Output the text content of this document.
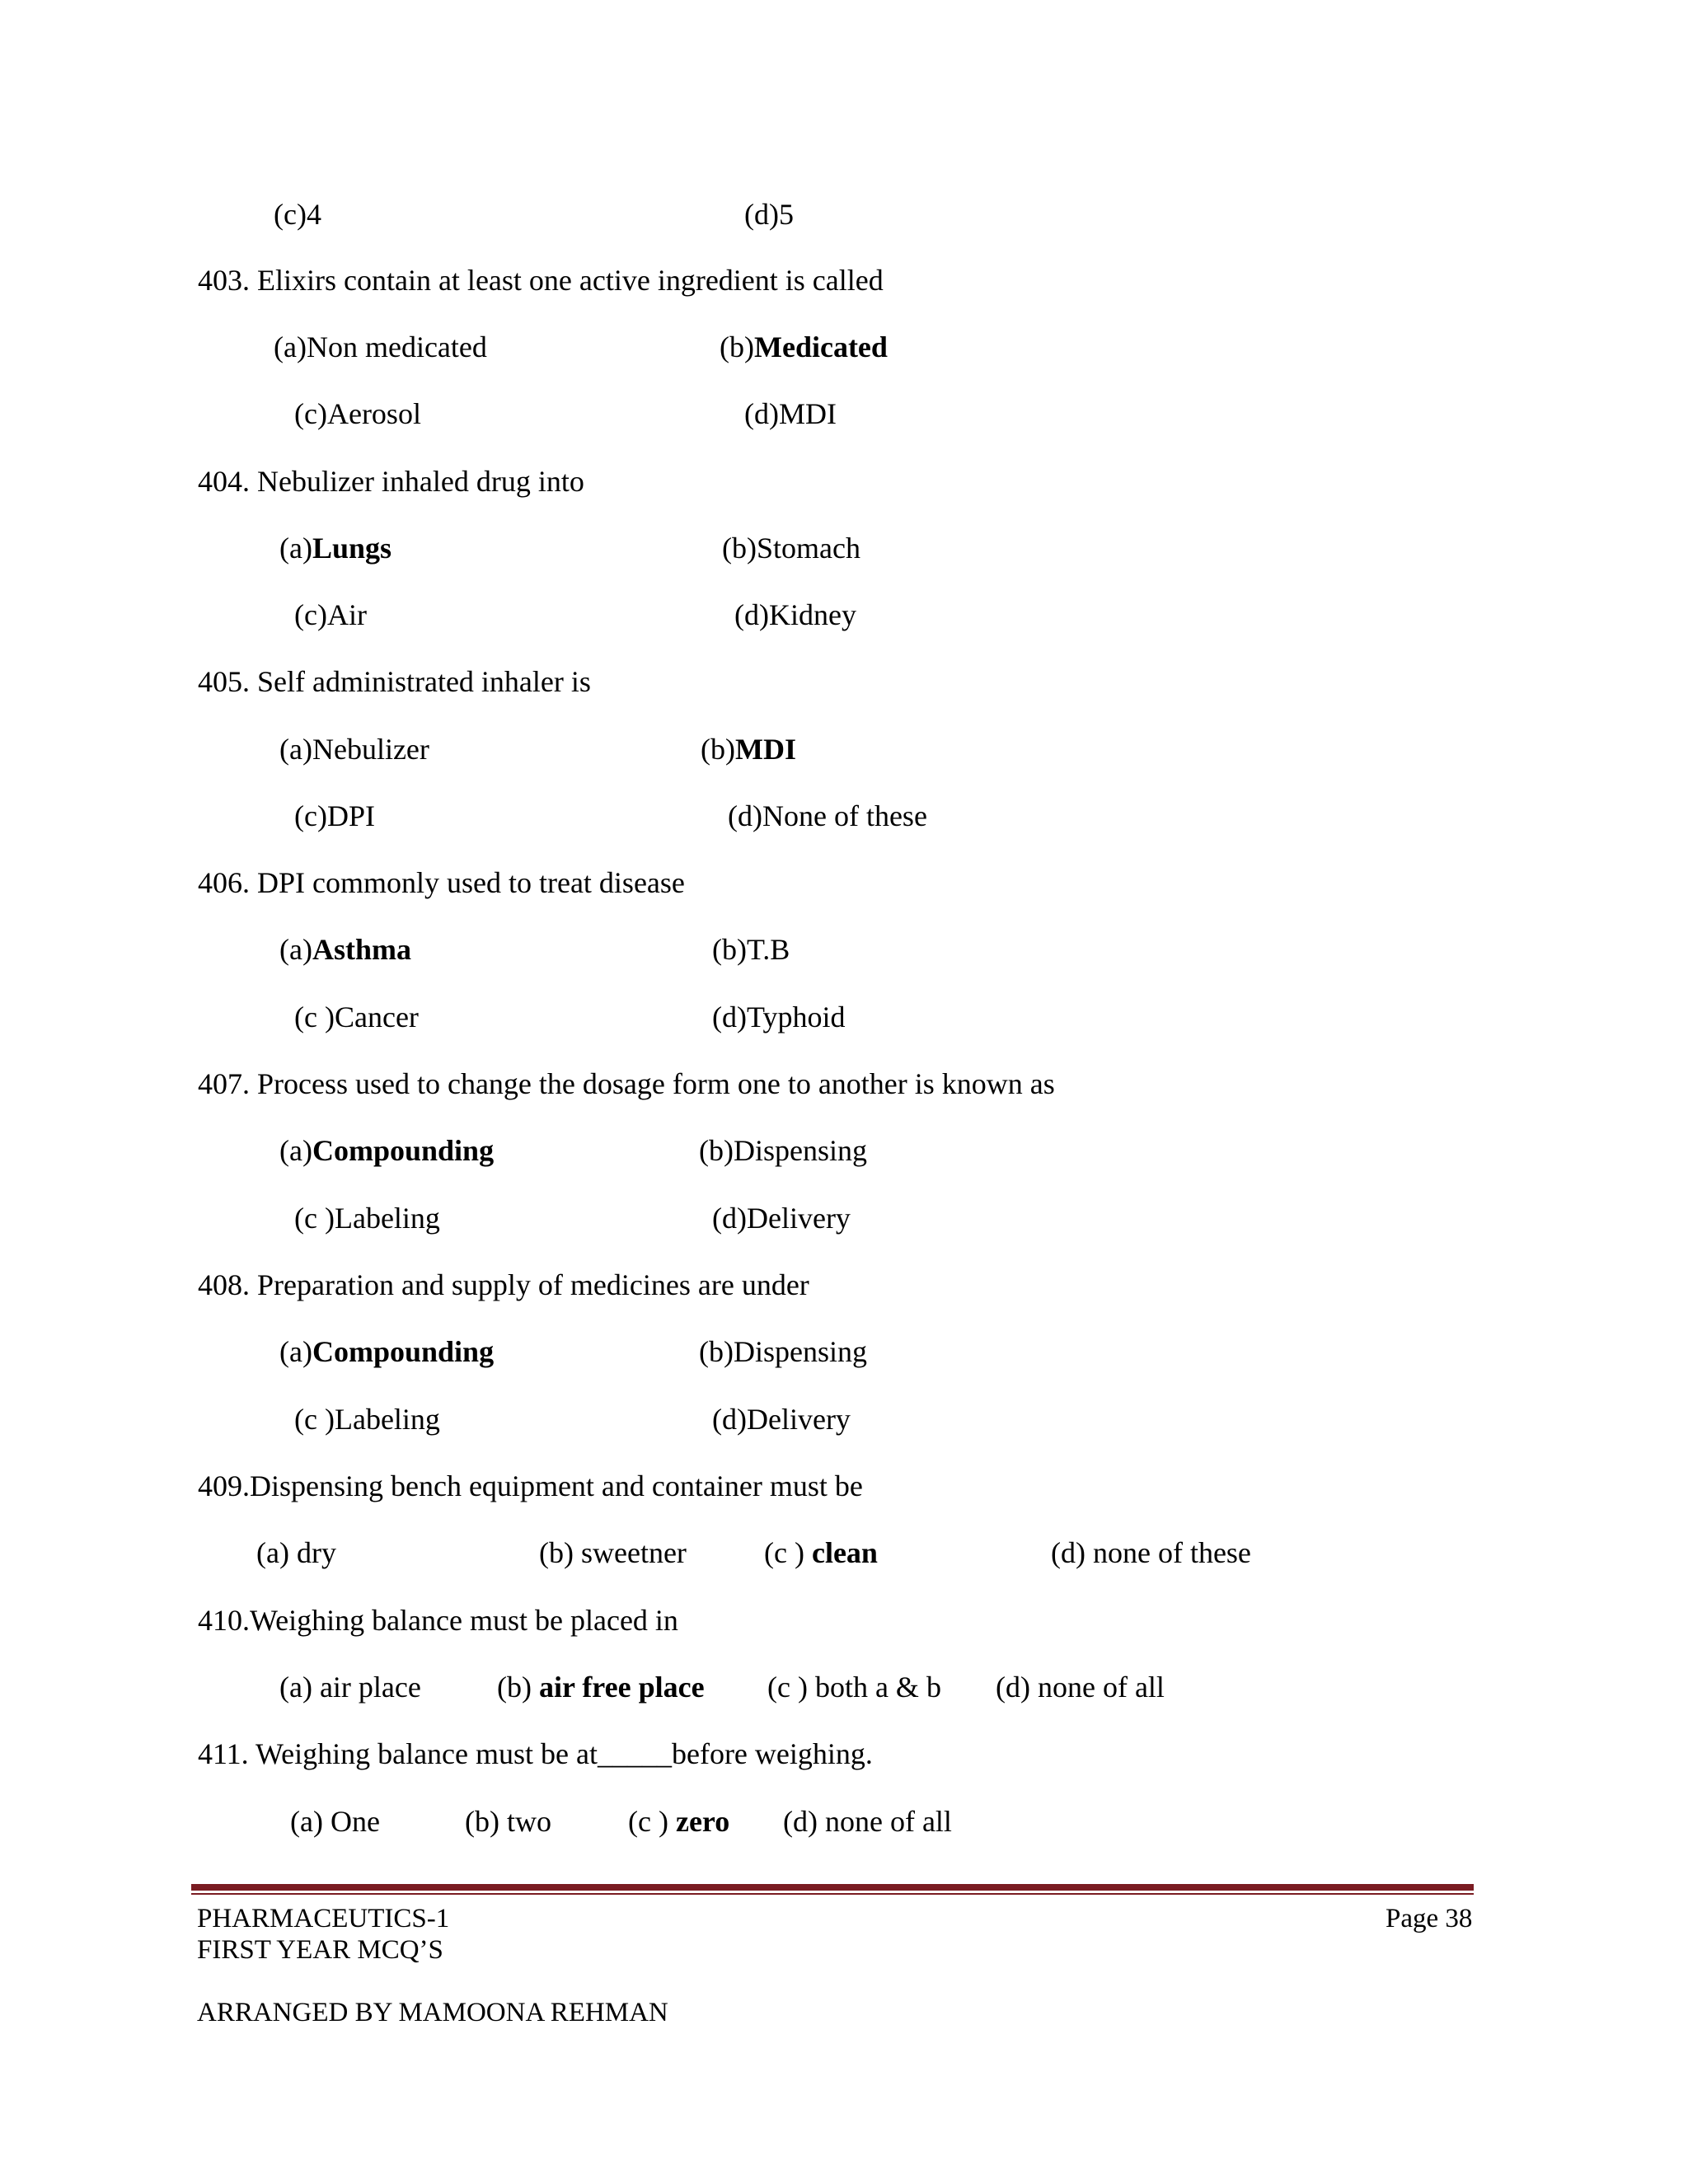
(c)4	(d)5
403. Elixirs contain at least one active ingredient is called
(a)Non medicated	(b)Medicated
(c)Aerosol	(d)MDI
404. Nebulizer inhaled drug into
(a)Lungs	(b)Stomach
(c)Air	(d)Kidney
405. Self administrated inhaler is
(a)Nebulizer	(b)MDI
(c)DPI	(d)None of these
406. DPI commonly used to treat disease
(a)Asthma	(b)T.B
(c )Cancer	(d)Typhoid
407. Process used to change the dosage form one to another is known as
(a)Compounding	(b)Dispensing
(c )Labeling	(d)Delivery
408. Preparation and supply of medicines are under
(a)Compounding	(b)Dispensing
(c )Labeling	(d)Delivery
409.Dispensing bench equipment and container must be
(a) dry	(b) sweetner	(c ) clean	(d) none of these
410.Weighing balance must be placed in
(a) air place	(b) air free place (c ) both a & b (d) none of all
411. Weighing balance must be at_____before weighing.
(a) One	(b) two	(c ) zero (d) none of all
PHARMACEUTICS-1
FIRST YEAR MCQ’S
ARRANGED BY MAMOONA REHMAN
Page 38
